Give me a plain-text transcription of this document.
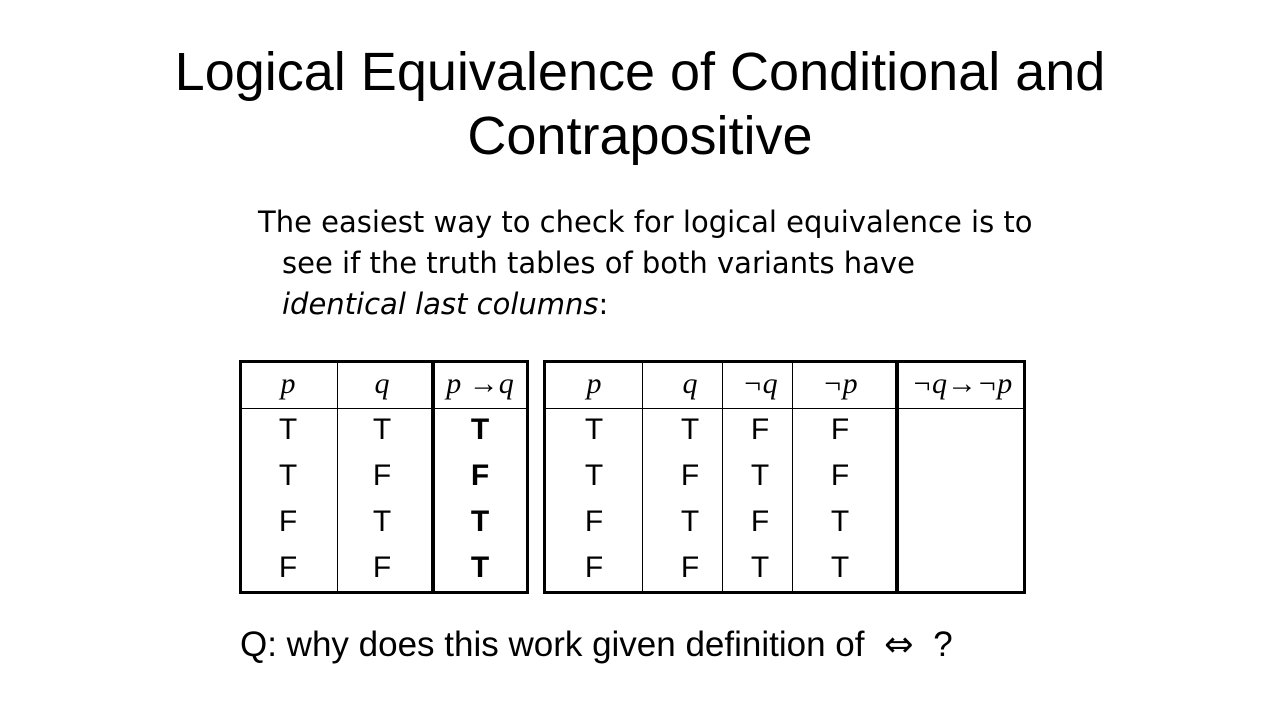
Logical Equivalence of Conditional and
Contrapositive
The easiest way to check for logical equivalence is to
see if the truth tables of both variants have
identical last columns:
p	q	p →q
T	T	T
T	F	F
F	T	T
F	F	T
p	q	¬q	¬p	¬q→¬p
T	T	F	F
T	F	T	F
F	T	F	T
F	F	T	T
Q: why does this work given definition of ⇔ ?
